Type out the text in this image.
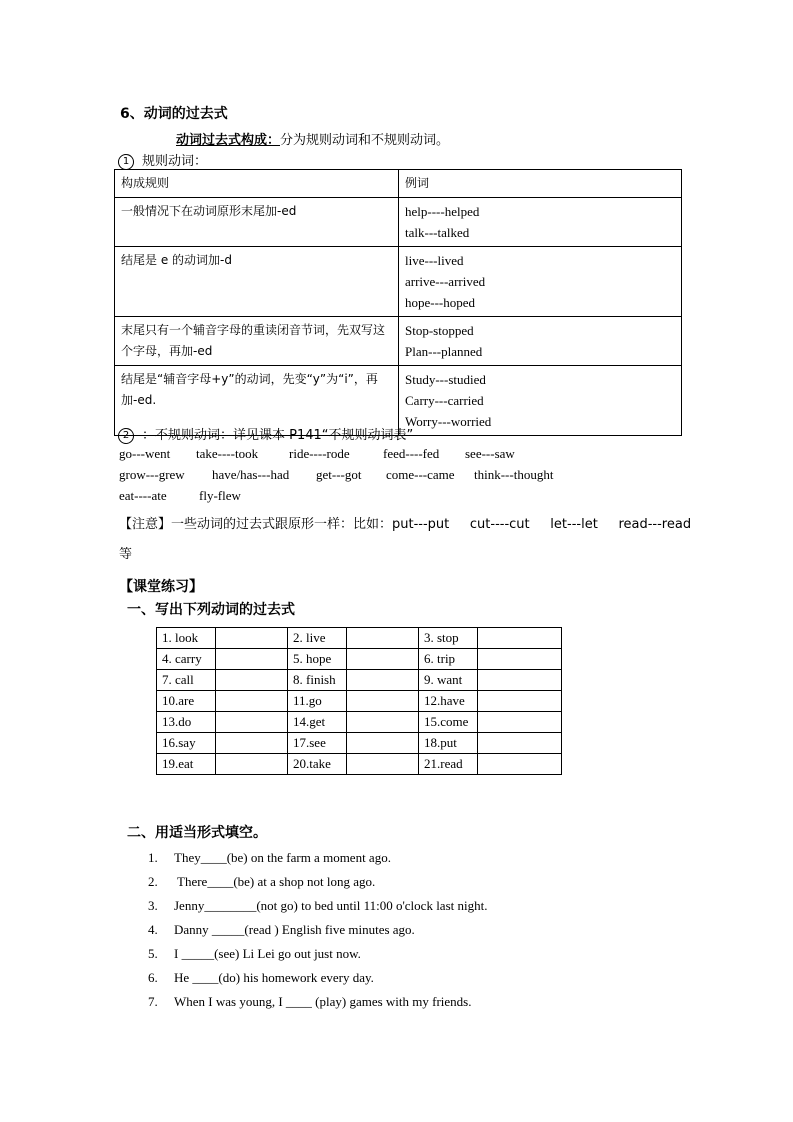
6、动词的过去式
动词过去式构成：分为规则动词和不规则动词。
1 规则动词：
构成规则	例词
一般情况下在动词原形末尾加-ed	help----helped
talk---talked

结尾是 e 的动词加-d	live---lived
arrive---arrived
hope---hoped

末尾只有一个辅音字母的重读闭音节词，先双写这个字母，再加-ed	Stop-stopped
Plan---planned

结尾是“辅音字母+y”的动词，先变“y”为“i”，再加-ed.	Study---studied
Carry---carried
Worry---worried
2 ：不规则动词：详见课本 P141“不规则动词表”
go---went take----took ride----rode	feed----fed see---saw
grow---grew have/has---had get---got come---came think---thought
eat----ate fly-flew
【注意】一些动词的过去式跟原形一样：比如：put---put     cut----cut     let---let     read---read
等
【课堂练习】
一、写出下列动词的过去式
1. look		2. live		3. stop	
4. carry		5. hope		6. trip	
7. call		8. finish		9. want	
10.are		11.go		12.have	
13.do		14.get		15.come	
16.say		17.see		18.put	
19.eat		20.take		21.read	
二、用适当形式填空。
1. They____(be) on the farm a moment ago.
2. There____(be) at a shop not long ago.
3. Jenny________(not go) to bed until 11:00 o'clock last night.
4. Danny _____(read ) English five minutes ago.
5. I _____(see) Li Lei go out just now.
6. He ____(do) his homework every day.
7. When I was young, I ____ (play) games with my friends.
